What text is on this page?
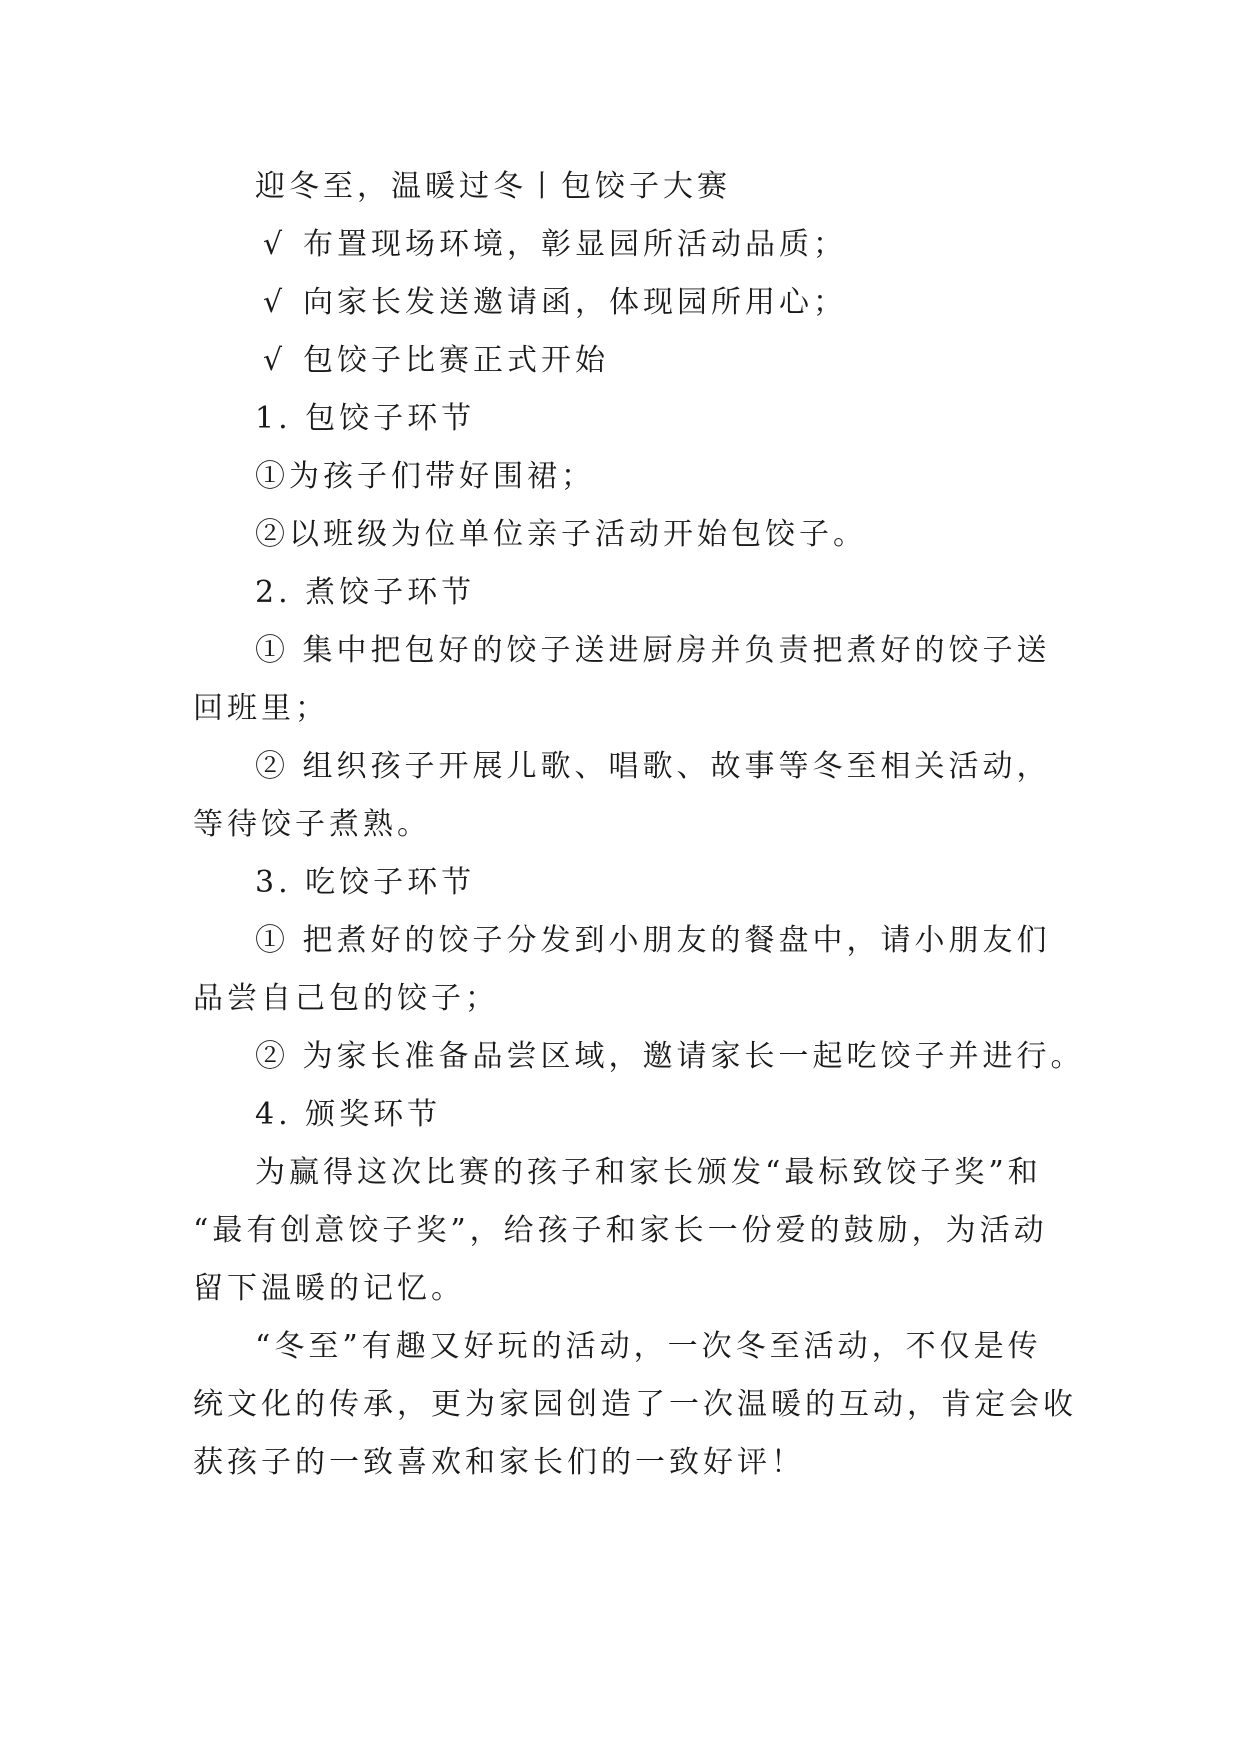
迎冬至，温暖过冬丨包饺子大赛
√ 布置现场环境，彰显园所活动品质；
√ 向家长发送邀请函，体现园所用心；
√ 包饺子比赛正式开始
1. 包饺子环节
①为孩子们带好围裙；
②以班级为位单位亲子活动开始包饺子。
2. 煮饺子环节
① 集中把包好的饺子送进厨房并负责把煮好的饺子送
回班里；
② 组织孩子开展儿歌、唱歌、故事等冬至相关活动，
等待饺子煮熟。
3. 吃饺子环节
① 把煮好的饺子分发到小朋友的餐盘中，请小朋友们
品尝自己包的饺子；
② 为家长准备品尝区域，邀请家长一起吃饺子并进行。
4. 颁奖环节
为赢得这次比赛的孩子和家长颁发“最标致饺子奖”和
“最有创意饺子奖”，给孩子和家长一份爱的鼓励，为活动
留下温暖的记忆。
“冬至”有趣又好玩的活动，一次冬至活动，不仅是传
统文化的传承，更为家园创造了一次温暖的互动，肯定会收
获孩子的一致喜欢和家长们的一致好评！
